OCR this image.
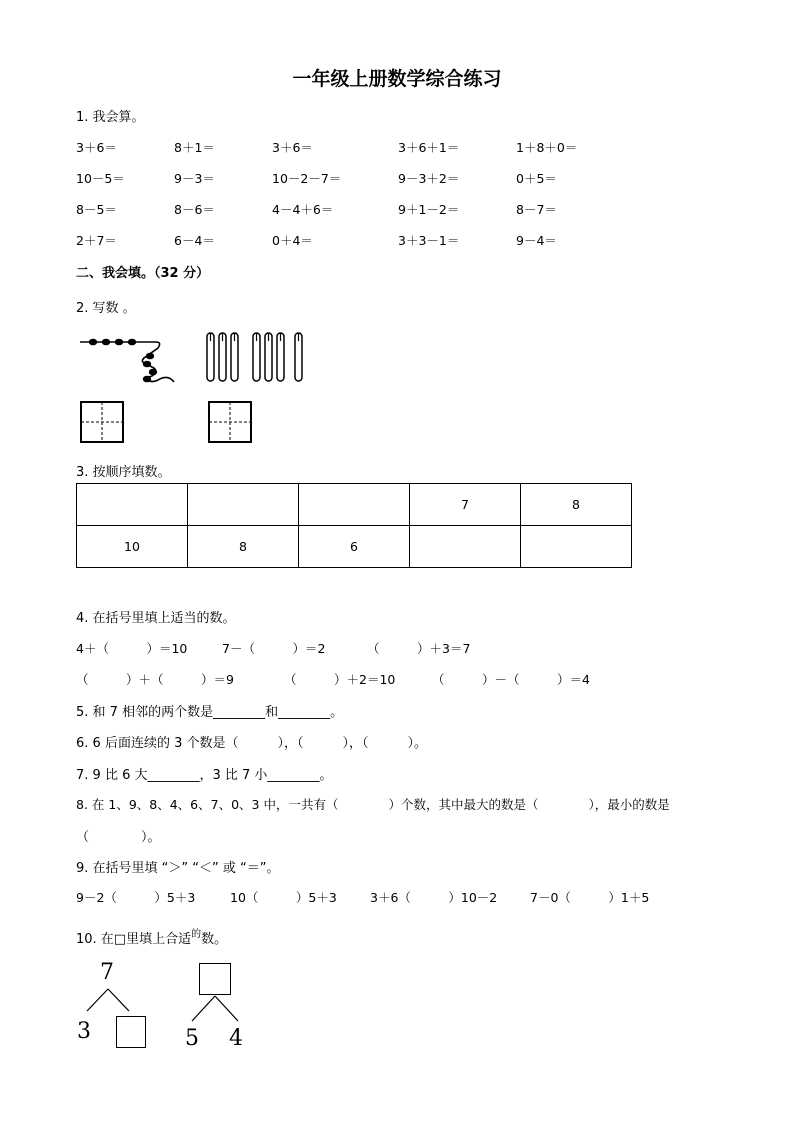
一年级上册数学综合练习
1. 我会算。
3＋6＝	8＋1＝	3＋6＝	3＋6＋1＝	1＋8＋0＝
10－5＝	9－3＝	10－2－7＝	9－3＋2＝	0＋5＝
8－5＝	8－6＝	4－4＋6＝	9＋1－2＝	8－7＝
2＋7＝	6－4＝	0＋4＝	3＋3－1＝	9－4＝
二、我会填。（32 分）
2. 写数 。
3. 按顺序填数。
			7	8
10	8	6		
4. 在括号里填上适当的数。
4＋（　　　）＝10	7－（　　　）＝2	（　　　）＋3＝7
（　　　）＋（　　　）＝9	（　　　）＋2＝10	（　　　）－（　　　）＝4
5. 和 7 相邻的两个数是________和________。
6. 6 后面连续的 3 个数是（　　　），（　　　），（　　　）。
7. 9 比 6 大________，3 比 7 小________。
8. 在 1、9、8、4、6、7、0、3 中，一共有（　　　　）个数，其中最大的数是（　　　　），最小的数是
（　　　　）。
9. 在括号里填 “＞” “＜” 或 “＝”。
9－2（　　　）5＋3	10（　　　）5＋3	3＋6（　　　）10－2	7－0（　　　）1＋5
10. 在□里填上合适$^的$数。
7
3	5 4
